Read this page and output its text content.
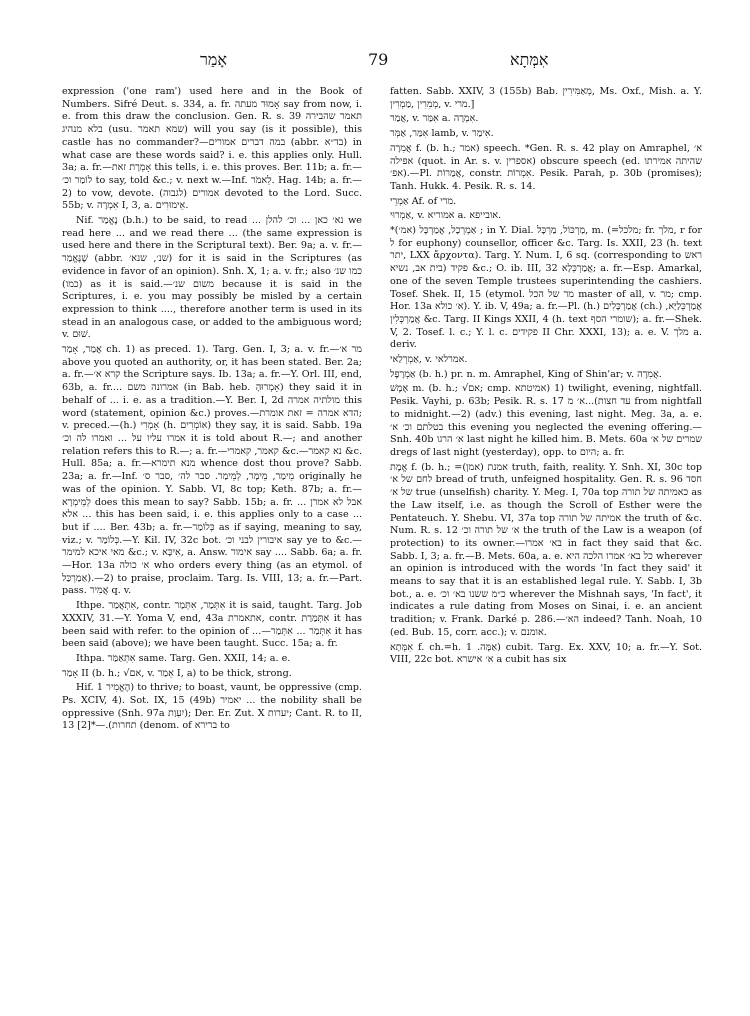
אָמַר	79	אִמְּתָא

expression ('one ram') used here and in the Book of Numbers. Sifré Deut. s. 334, a. fr. אָמוּר מעתה say from now, i. e. from this draw the conclusion. Gen. R. s. 39 תאמר שהבירה בלא מנהיג (usu. שמא תאמר) will you say (is it possible), this castle has no commander?—במה דברים אמורים (abbr. בד״א) in what case are these words said? i. e. this applies only. Hull. 3a; a. fr.—אָמְרָת זאת this tells, i. e. this proves. Ber. 11b; a. fr.—לוֹמַר וכ׳ to say, told &c.; v. next w.—Inf. לֵאמֹר. Hag. 14b; a. fr.—2) to vow, devote. אמורים (לגבוה) devoted to the Lord. Succ. 55b; v. אִמְרָה I, 3, a. אֵימוּרִים.

Nif. נֶאֱמַר (b.h.) to be said, to read ... נא׳ כאן ... וכ׳ להלן we read here ... and we read there ... (the same expression is used here and there in the Scriptural text). Ber. 9a; a. v. fr.—שֶׁנֶּאֱמַר (abbr. שנ׳, שנא׳) for it is said in the Scriptures (as evidence in favor of an opinion). Snh. X, 1; a. v. fr.; also כמו שנ׳ (כמו) as it is said.—משום שנ׳ because it is said in the Scriptures, i. e. you may possibly be misled by a certain expression to think ...., therefore another term is used in its stead in an analogous case, or added to the ambiguous word; v. שׁוּם.

אֲמַר, אָמַר ch. 1) as preced. 1). Targ. Gen. I, 3; a. v. fr.—מר א׳ above you quoted an authority, or, it has been stated. Ber. 2a; a. fr.—קרא א׳ the Scripture says. Ib. 13a; a. fr.—Y. Orl. III, end, 63b, a. fr.... אמרונה משם (in Bab. heb. אָמְרוּהָ) they said it in behalf of ... i. e. as a tradition.—Y. Ber. I, 2d מולתיה אמרה this word (statement, opinion &c.) proves.—הדא אמרה = זאת אומרת; v. preced.—(h.) אָמְרִי (h. אוֹמְרִים) they say, it is said. Sabb. 19a אמרו עליו על ... ואמרו לה וכ׳ it is told about R.—; and another relation refers this to R.—; a. fr.—קאמר, קאמרי &c.—נא קאמר &c. Hull. 85a; a. fr.—מנא תימרא whence dost thou prove? Sabb. 23a; a. fr.—Inf. מֵימַר, מֵימָר, לְמֵימַר. סבר לה׳ ,סבר ס׳ originally he was of the opinion. Y. Sabb. VI, 8c top; Keth. 87b; a. fr.—לְמֵימְרָא does this mean to say? Sabb. 15b; a. fr. ... אבל לא אמרן אלא ... this has been said, i. e. this applies only to a case ... but if .... Ber. 43b; a. fr.—כְּלוֹמַר as if saying, meaning to say, viz.; v. כְּלוֹמַר.—Y. Kil. IV, 32c bot. איבורין לבני וכ׳ say ye to &c.—מאי איכא למימר &c.; v. אִיכָּא, a. Answ. אימור say .... Sabb. 6a; a. fr.—Hor. 13a א׳ כולה who orders every thing (as an etymol. of אַמַרְכַּל).—2) to praise, proclaim. Targ. Is. VIII, 13; a. fr.—Part. pass. אֲמִיר q. v.

Ithpe. אִתְאֲמַר, contr. אִתְּמַר, אִתְּמַר it is said, taught. Targ. Job XXXIV, 31.—Y. Yoma V, end, 43a אתאמרת, contr. אִתְּמַרַת it has been said with refer. to the opinion of ...—אִתְּמַר ... אִתְּמַר it has been said (above); we have been taught. Succ. 15a; a. fr.

Ithpa. אִתְאַמַּר same. Targ. Gen. XXII, 14; a. e.

אָמַר II (b. h.; √אם, v. אֵמַר I, a) to be thick, strong.

Hif. הֶאֱמִיר 1) to thrive; to boast, vaunt, be oppressive (cmp. Ps. XCIV, 4). Sot. IX, 15 (49b) יאמיר ... the nobility shall be oppressive (Snh. 97a יִעְוַת); Der. Er. Zut. X יערות; Cant. R. to II, 13 תחרות).—*[2] (denom. of ברירא to

fatten. Sabb. XXIV, 3 (155b) Bab. מְאַמִּירִין, Ms. Oxf., Mish. a. Y. מְמִרִין ,מַמְרִין, v. מרי.]

אֲמַר, v. אִמַּר a. אִמְרָה.

אִמַּר, אַמְּר lamb, v. אִימַר.

אֲמִרָה f. (b. h.; אמר) speech. *Gen. R. s. 42 play on Amraphel, א׳ אפילה (quot. in Ar. s. v. אספרין) obscure speech (ed. שהיתה אמירתו אפ׳).—Pl. אֲמָרוֹת, constr. אִמְרוֹת. Pesik. Parah, p. 30b (promises); Tanh. Hukk. 4. Pesik. R. s. 14.

אַמְרֵי Af. of מרי.

אַמְרוּי, v. אמוריא a. אובייפא.

*אַמְרְכָל, אֲמַרְכָּל (אמ׳) ; in Y. Dial. מַרְכּוֹל, מַרְכָּל, m. (=מלכל; fr. מלך, r for ל for euphony) counsellor, officer &c. Targ. Is. XXII, 23 (h. text יתר, LXX ἄρχοντα). Targ. Y. Num. I, 6 sq. (corresponding to ראש בית אב, נשיא) פקיד &c.; O. ib. III, 32 אֲמַרְכְּלָא; a. fr.—Esp. Amarkal, one of the seven Temple trustees superintending the cashiers. Tosef. Shek. II, 15 (etymol. מר של הכל master of all, v. מר; cmp. Hor. 13a א׳ כולא). Y. ib. V, 49a; a. fr.—Pl. (h.) אֲמַרְכָּלִים (ch.) אֲמַרְכְּלַיָּא, אֲמַרְכְּלִין &c. Targ. II Kings XXII, 4 (h. text שומרי הסף); a. fr.—Shek. V, 2. Tosef. l. c.; Y. l. c. פקידים II Chr. XXXI, 13); a. e. V. מלך a. deriv.

אַמְרְלַאי, v. אמרלאי.

אַמְרָפֶל (b. h.) pr. n. m. Amraphel, King of Shin'ar; v. אֲמִרָה.

אֶמֶשׁ m. (b. h.; √אם; cmp. אמיטתא) 1) twilight, evening, nightfall. Pesik. Vayhi, p. 63b; Pesik. R. s. 17 א׳ מ...(עד חצות from nightfall to midnight.—2) (adv.) this evening, last night. Meg. 3a, a. e. בטלתם וכ׳ א׳ this evening you neglected the evening offering.—Snh. 40b א׳ הרגו last night he killed him. B. Mets. 60a שמרים של א׳ dregs of last night (yesterday), opp. to היום; a. fr.

אֱמֶת f. (b. h.; =אמנת (אמן) truth, faith, reality. Y. Snh. XI, 30c top לחם של א׳ bread of truth, unfeigned hospitality. Gen. R. s. 96 חסד של א׳ true (unselfish) charity. Y. Meg. I, 70a top כאמיתה של תורה as the Law itself, i.e. as though the Scroll of Esther were the Pentateuch. Y. Shebu. VI, 37a top אמיתה של תורה the truth of &c. Num. R. s. 12 א׳ של תורה וכ׳ the truth of the Law is a weapon (of protection) to its owner.—בא׳ אמרו in fact they said that &c. Sabb. I, 3; a. fr.—B. Mets. 60a, a. e. כל בא׳ אמרו הלכה היא wherever an opinion is introduced with the words 'In fact they said' it means to say that it is an established legal rule. Y. Sabb. I, 3b bot., a. e. כ״מ ששנו בא׳ וכ׳ wherever the Mishnah says, 'In fact', it indicates a rule dating from Moses on Sinai, i. e. an ancient tradition; v. Frank. Darké p. 286.—הא׳ indeed? Tanh. Noah, 10 (ed. Bub. 15, corr. acc.); v. אומנם.

אִמְּתָא f. ch.=h. אַמָּה. 1) cubit. Targ. Ex. XXV, 10; a. fr.—Y. Sot. VIII, 22c bot. א׳ אישרא a cubit has six
